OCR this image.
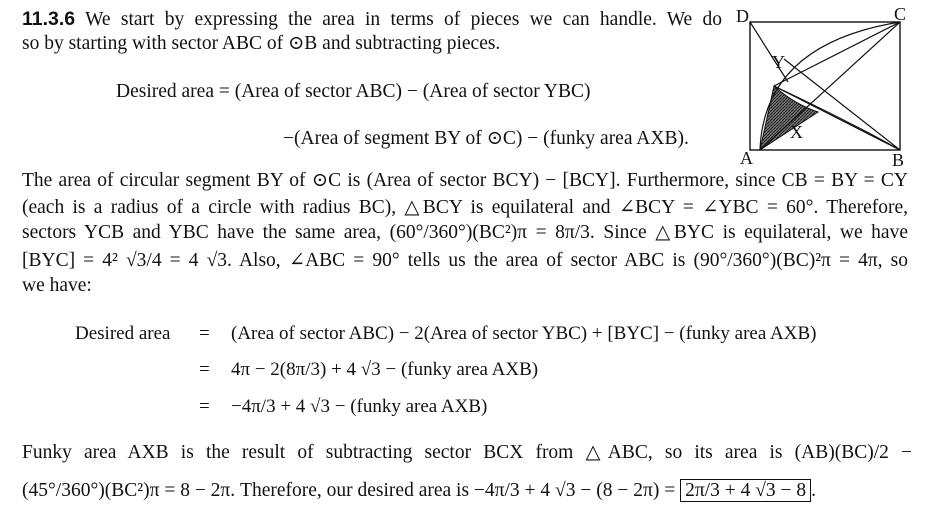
11.3.6 We start by expressing the area in terms of pieces we can handle. We do
so by starting with sector ABC of ⊙B and subtracting pieces.
Desired area = (Area of sector ABC) − (Area of sector YBC)
−(Area of segment BY of ⊙C) − (funky area AXB).
The area of circular segment BY of ⊙C is (Area of sector BCY) − [BCY]. Furthermore, since CB = BY = CY
(each is a radius of a circle with radius BC), △BCY is equilateral and ∠BCY = ∠YBC = 60°. Therefore,
sectors YCB and YBC have the same area, (60°/360°)(BC²)π = 8π/3. Since △BYC is equilateral, we have
[BYC] = 4² √3/4 = 4 √3. Also, ∠ABC = 90° tells us the area of sector ABC is (90°/360°)(BC)²π = 4π, so
we have:
Desired area = (Area of sector ABC) − 2(Area of sector YBC) + [BYC] − (funky area AXB)
= 4π − 2(8π/3) + 4 √3 − (funky area AXB)
= −4π/3 + 4 √3 − (funky area AXB)
Funky area AXB is the result of subtracting sector BCX from △ABC, so its area is (AB)(BC)/2 −
(45°/360°)(BC²)π = 8 − 2π. Therefore, our desired area is −4π/3 + 4 √3 − (8 − 2π) = 2π/3 + 4 √3 − 8 .
D	C
Y
X
A	B
